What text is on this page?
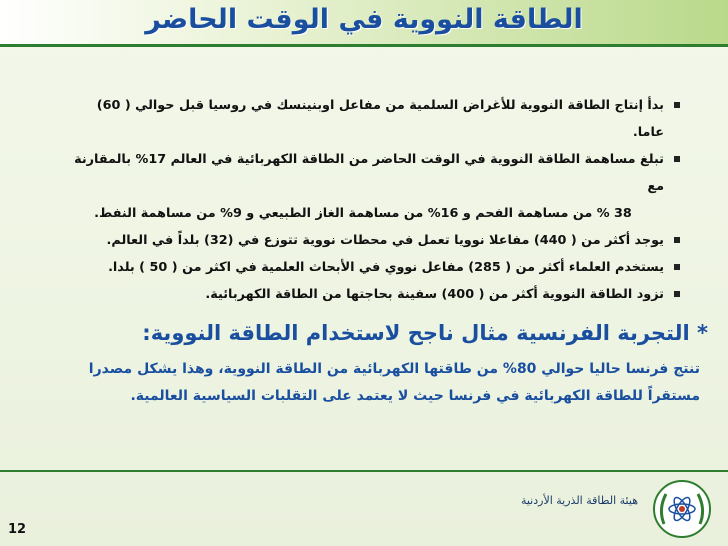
الطاقة النووية في الوقت الحاضر
بدأ إنتاج الطاقة النووية للأغراض السلمية من مفاعل اوبنينسك في روسيا قبل حوالي ( 60) عاما.
تبلغ مساهمة الطاقة النووية في الوقت الحاضر من الطاقة الكهربائية في العالم 17% بالمقارنة مع
38 % من مساهمة الفحم و 16% من مساهمة الغاز الطبيعي و 9% من مساهمة النفط.
يوجد أكثر من ( 440) مفاعلا نوويا تعمل في محطات نووية تتوزع في (32) بلداً في العالم.
يستخدم العلماء أكثر من ( 285) مفاعل نووي في الأبحاث العلمية في اكثر من ( 50 ) بلدا.
تزود الطاقة النووية أكثر من ( 400) سفينة بحاجتها من الطاقة الكهربائية.
* التجربة الفرنسية مثال ناجح لاستخدام الطاقة النووية:
تنتج فرنسا حاليا حوالي 80% من طاقتها الكهربائية من الطاقة النووية، وهذا يشكل مصدرا مستقراً للطاقة الكهربائية في فرنسا حيث لا يعتمد على التقلبات السياسية العالمية.
هيئة الطاقة الذرية الأردنية
12
